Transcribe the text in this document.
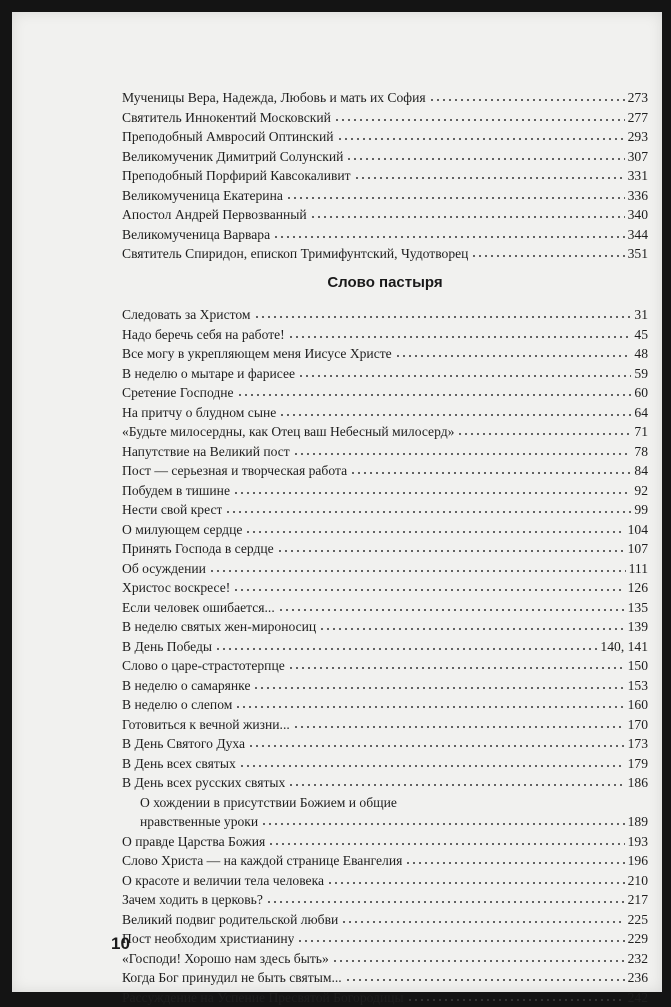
Мученицы Вера, Надежда, Любовь и мать их София	273
Святитель Иннокентий Московский	277
Преподобный Амвросий Оптинский	293
Великомученик Димитрий Солунский	307
Преподобный Порфирий Кавсокаливит	331
Великомученица Екатерина	336
Апостол Андрей Первозванный	340
Великомученица Варвара	344
Святитель Спиридон, епископ Тримифунтский, Чудотворец	351
Слово пастыря
Следовать за Христом	31
Надо беречь себя на работе!	45
Все могу в укрепляющем меня Иисусе Христе	48
В неделю о мытаре и фарисее	59
Сретение Господне	60
На притчу о блудном сыне	64
«Будьте милосердны, как Отец ваш Небесный милосерд»	71
Напутствие на Великий пост	78
Пост — серьезная и творческая работа	84
Побудем в тишине	92
Нести свой крест	99
О милующем сердце	104
Принять Господа в сердце	107
Об осуждении	111
Христос воскресе!	126
Если человек ошибается...	135
В неделю святых жен-мироносиц	139
В День Победы	140, 141
Слово о царе-страстотерпце	150
В неделю о самарянке	153
В неделю о слепом	160
Готовиться к вечной жизни...	170
В День Святого Духа	173
В День всех святых	179
В День всех русских святых	186
О хождении в присутствии Божием и общие
нравственные уроки	189
О правде Царства Божия	193
Слово Христа — на каждой странице Евангелия	196
О красоте и величии тела человека	210
Зачем ходить в церковь?	217
Великий подвиг родительской любви	225
Пост необходим христианину	229
«Господи! Хорошо нам здесь быть»	232
Когда Бог принудил не быть святым...	236
Рассуждение на Успение Пресвятой Богородицы	242
10
